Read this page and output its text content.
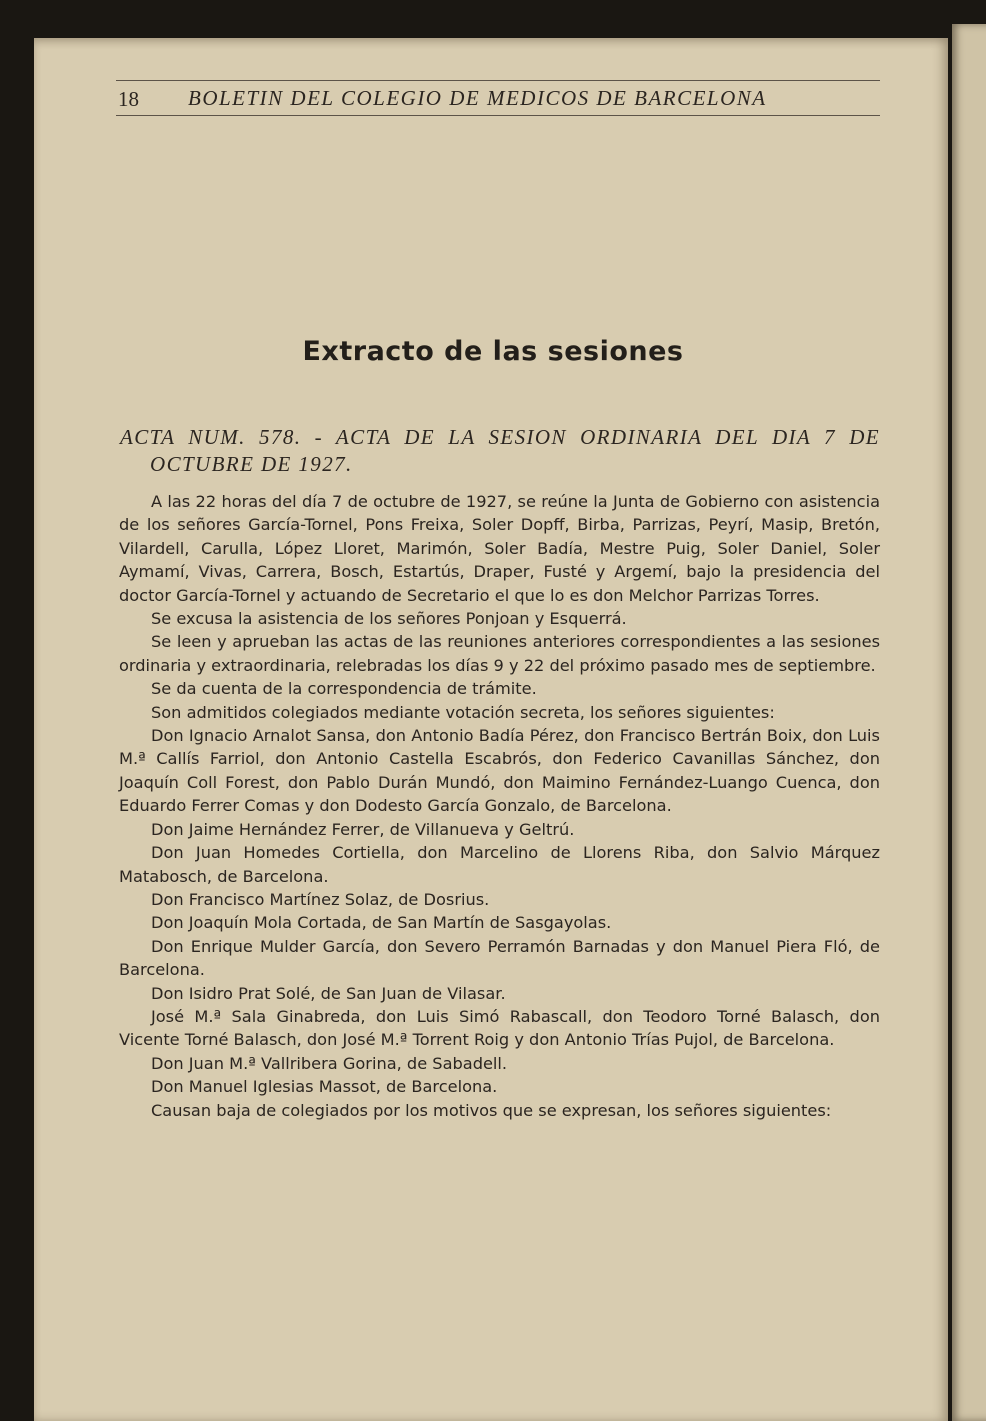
18 BOLETIN DEL COLEGIO DE MEDICOS DE BARCELONA
Extracto de las sesiones
ACTA NUM. 578. - ACTA DE LA SESION ORDINARIA DEL DIA 7 DE
OCTUBRE DE 1927.

A las 22 horas del día 7 de octubre de 1927, se reúne la Junta de Gobierno con asistencia de los señores García-Tornel, Pons Freixa, Soler Dopff, Birba, Parrizas, Peyrí, Masip, Bretón, Vilardell, Carulla, López Lloret, Marimón, Soler Badía, Mestre Puig, Soler Daniel, Soler Aymamí, Vivas, Carrera, Bosch, Estartús, Draper, Fusté y Argemí, bajo la presidencia del doctor García-Tornel y actuando de Secretario el que lo es don Melchor Parrizas Torres.

Se excusa la asistencia de los señores Ponjoan y Esquerrá.

Se leen y aprueban las actas de las reuniones anteriores correspondientes a las sesiones ordinaria y extraordinaria, relebradas los días 9 y 22 del próximo pasado mes de septiembre.

Se da cuenta de la correspondencia de trámite.

Son admitidos colegiados mediante votación secreta, los señores siguientes:

Don Ignacio Arnalot Sansa, don Antonio Badía Pérez, don Francisco Bertrán Boix, don Luis M.ª Callís Farriol, don Antonio Castella Escabrós, don Federico Cavanillas Sánchez, don Joaquín Coll Forest, don Pablo Durán Mundó, don Maimino Fernández-Luango Cuenca, don Eduardo Ferrer Comas y don Dodesto García Gonzalo, de Barcelona.

Don Jaime Hernández Ferrer, de Villanueva y Geltrú.

Don Juan Homedes Cortiella, don Marcelino de Llorens Riba, don Salvio Márquez Matabosch, de Barcelona.

Don Francisco Martínez Solaz, de Dosrius.

Don Joaquín Mola Cortada, de San Martín de Sasgayolas.

Don Enrique Mulder García, don Severo Perramón Barnadas y don Manuel Piera Fló, de Barcelona.

Don Isidro Prat Solé, de San Juan de Vilasar.

José M.ª Sala Ginabreda, don Luis Simó Rabascall, don Teodoro Torné Balasch, don Vicente Torné Balasch, don José M.ª Torrent Roig y don Antonio Trías Pujol, de Barcelona.

Don Juan M.ª Vallribera Gorina, de Sabadell.

Don Manuel Iglesias Massot, de Barcelona.

Causan baja de colegiados por los motivos que se expresan, los señores siguientes:
